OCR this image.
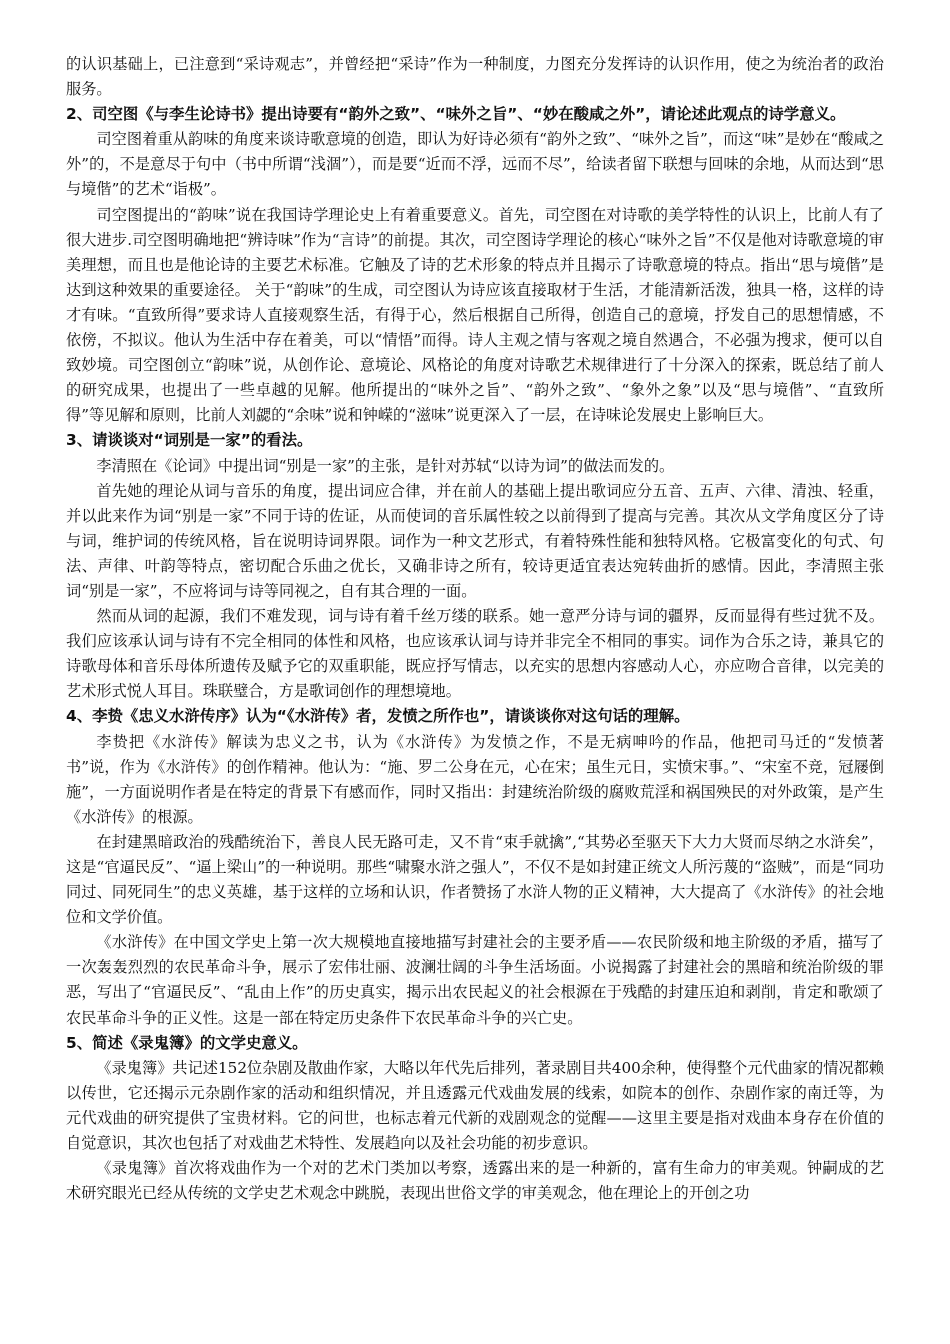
的认识基础上，已注意到“采诗观志”，并曾经把“采诗”作为一种制度，力图充分发挥诗的认识作用，使之为统治者的政治服务。

2、司空图《与李生论诗书》提出诗要有“韵外之致”、“味外之旨”、“妙在酸咸之外”，请论述此观点的诗学意义。

司空图着重从韵味的角度来谈诗歌意境的创造，即认为好诗必须有“韵外之致”、“味外之旨”，而这“味”是妙在“酸咸之外”的，不是意尽于句中（书中所谓“浅涸”），而是要“近而不浮，远而不尽”，给读者留下联想与回味的余地，从而达到“思与境偕”的艺术“诣极”。

司空图提出的“韵味”说在我国诗学理论史上有着重要意义。首先，司空图在对诗歌的美学特性的认识上，比前人有了很大进步.司空图明确地把“辨诗味”作为“言诗”的前提。其次，司空图诗学理论的核心“味外之旨”不仅是他对诗歌意境的审美理想，而且也是他论诗的主要艺术标准。它触及了诗的艺术形象的特点并且揭示了诗歌意境的特点。指出“思与境偕”是达到这种效果的重要途径。 关于“韵味”的生成，司空图认为诗应该直接取材于生活，才能清新活泼，独具一格，这样的诗才有味。“直致所得”要求诗人直接观察生活，有得于心，然后根据自己所得，创造自己的意境，抒发自己的思想情感，不依傍，不拟议。他认为生活中存在着美，可以“情悟”而得。诗人主观之情与客观之境自然遇合，不必强为搜求，便可以自致妙境。司空图创立“韵味”说，从创作论、意境论、风格论的角度对诗歌艺术规律进行了十分深入的探索，既总结了前人的研究成果，也提出了一些卓越的见解。他所提出的“味外之旨”、“韵外之致”、“象外之象”以及“思与境偕”、“直致所得”等见解和原则，比前人刘勰的“余味”说和钟嵘的“滋味”说更深入了一层，在诗味论发展史上影响巨大。

3、请谈谈对“词别是一家”的看法。

李清照在《论词》中提出词“别是一家”的主张，是针对苏轼“以诗为词”的做法而发的。

首先她的理论从词与音乐的角度，提出词应合律，并在前人的基础上提出歌词应分五音、五声、六律、清浊、轻重，并以此来作为词“别是一家”不同于诗的佐证，从而使词的音乐属性较之以前得到了提高与完善。其次从文学角度区分了诗与词，维护词的传统风格，旨在说明诗词界限。词作为一种文艺形式，有着特殊性能和独特风格。它极富变化的句式、句法、声律、叶韵等特点，密切配合乐曲之优长，又确非诗之所有，较诗更适宜表达宛转曲折的感情。因此，李清照主张词“别是一家”，不应将词与诗等同视之，自有其合理的一面。

然而从词的起源，我们不难发现，词与诗有着千丝万缕的联系。她一意严分诗与词的疆界，反而显得有些过犹不及。我们应该承认词与诗有不完全相同的体性和风格，也应该承认词与诗并非完全不相同的事实。词作为合乐之诗，兼具它的诗歌母体和音乐母体所遗传及赋予它的双重职能，既应抒写情志，以充实的思想内容感动人心，亦应吻合音律，以完美的艺术形式悦人耳目。珠联璧合，方是歌词创作的理想境地。

4、李贽《忠义水浒传序》认为“《水浒传》者，发愤之所作也”，请谈谈你对这句话的理解。

李贽把《水浒传》解读为忠义之书，认为《水浒传》为发愤之作，不是无病呻吟的作品，他把司马迁的“发愤著书”说，作为《水浒传》的创作精神。他认为：“施、罗二公身在元，心在宋；虽生元日，实愤宋事。”、“宋室不竞，冠屦倒施”，一方面说明作者是在特定的背景下有感而作，同时又指出：封建统治阶级的腐败荒淫和祸国殃民的对外政策，是产生《水浒传》的根源。

在封建黑暗政治的残酷统治下，善良人民无路可走，又不肯“束手就擒”,“其势必至驱天下大力大贤而尽纳之水浒矣”，这是“官逼民反”、“逼上梁山”的一种说明。那些“啸聚水浒之强人”，不仅不是如封建正统文人所污蔑的“盗贼”，而是“同功同过、同死同生”的忠义英雄，基于这样的立场和认识，作者赞扬了水浒人物的正义精神，大大提高了《水浒传》的社会地位和文学价值。

《水浒传》在中国文学史上第一次大规模地直接地描写封建社会的主要矛盾——农民阶级和地主阶级的矛盾，描写了一次轰轰烈烈的农民革命斗争，展示了宏伟壮丽、波澜壮阔的斗争生活场面。小说揭露了封建社会的黑暗和统治阶级的罪恶，写出了“官逼民反”、“乱由上作”的历史真实，揭示出农民起义的社会根源在于残酷的封建压迫和剥削，肯定和歌颂了农民革命斗争的正义性。这是一部在特定历史条件下农民革命斗争的兴亡史。

5、简述《录鬼簿》的文学史意义。

《录鬼簿》共记述152位杂剧及散曲作家，大略以年代先后排列，著录剧目共400余种，使得整个元代曲家的情况都赖以传世，它还揭示元杂剧作家的活动和组织情况，并且透露元代戏曲发展的线索，如院本的创作、杂剧作家的南迁等，为元代戏曲的研究提供了宝贵材料。它的问世，也标志着元代新的戏剧观念的觉醒——这里主要是指对戏曲本身存在价值的自觉意识，其次也包括了对戏曲艺术特性、发展趋向以及社会功能的初步意识。

《录鬼簿》首次将戏曲作为一个对的艺术门类加以考察，透露出来的是一种新的，富有生命力的审美观。钟嗣成的艺术研究眼光已经从传统的文学史艺术观念中跳脱，表现出世俗文学的审美观念，他在理论上的开创之功
